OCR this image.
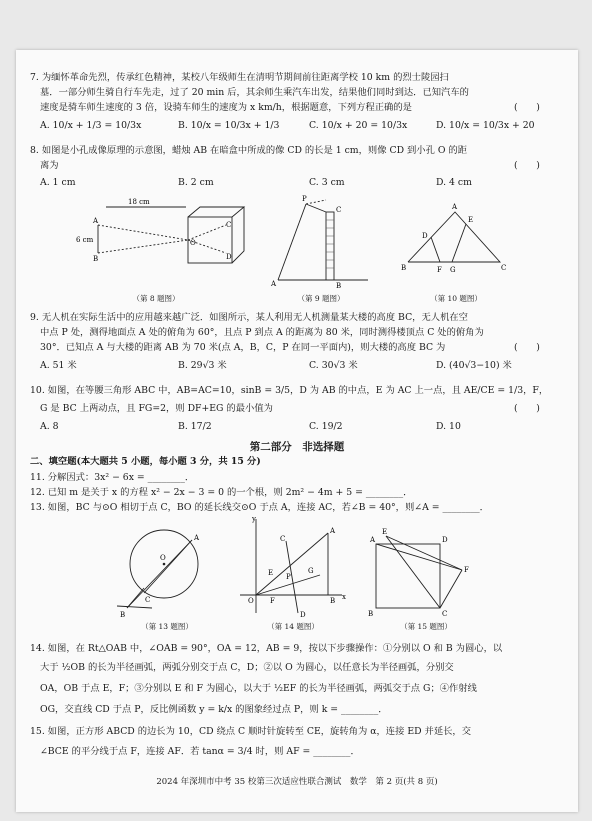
7. 为缅怀革命先烈，传承红色精神，某校八年级师生在清明节期间前往距离学校 10 km 的烈士陵园扫
墓．一部分师生骑自行车先走，过了 20 min 后，其余师生乘汽车出发，结果他们同时到达．已知汽车的
速度是骑车师生速度的 3 倍，设骑车师生的速度为 x km/h，根据题意，下列方程正确的是	(　　)
A. 10/x + 1/3 = 10/3x	B. 10/x = 10/3x + 1/3	C. 10/x + 20 = 10/3x	D. 10/x = 10/3x + 20
8. 如图是小孔成像原理的示意图，蜡烛 AB 在暗盒中所成的像 CD 的长是 1 cm，则像 CD 到小孔 O 的距
离为	(　　)
A. 1 cm	B. 2 cm	C. 3 cm	D. 4 cm
18 cm
6 cm
A
B
O
C
D
（第 8 题图）
P
C
A	B
（第 9 题图）
A
D
E
B	C
F G
（第 10 题图）
9. 无人机在实际生活中的应用越来越广泛．如图所示，某人利用无人机测量某大楼的高度 BC，无人机在空
中点 P 处，测得地面点 A 处的俯角为 60°，且点 P 到点 A 的距离为 80 米，同时测得楼顶点 C 处的俯角为
30°．已知点 A 与大楼的距离 AB 为 70 米(点 A，B，C，P 在同一平面内)，则大楼的高度 BC 为	(　　)
A. 51 米	B. 29√3 米	C. 30√3 米	D. (40√3−10) 米
10. 如图，在等腰三角形 ABC 中，AB=AC=10，sinB = 3/5，D 为 AB 的中点，E 为 AC 上一点，且 AE/CE = 1/3，F，
G 是 BC 上两动点，且 FG=2，则 DF+EG 的最小值为	(　　)
A. 8	B. 17/2	C. 19/2	D. 10
第二部分　非选择题
二、填空题(本大题共 5 小题，每小题 3 分，共 15 分)
11. 分解因式：3x² − 6x = ________．
12. 已知 m 是关于 x 的方程 x² − 2x − 3 = 0 的一个根，则 2m² − 4m + 5 = ________．
13. 如图，BC 与⊙O 相切于点 C，BO 的延长线交⊙O 于点 A，连接 AC，若∠B = 40°，则∠A = ________．
O
A
B
C
（第 13 题图）
y
x
O
A
B
C
D
P
G
F
E
（第 14 题图）
A
E
D
F
B	C
（第 15 题图）
14. 如图，在 Rt△OAB 中，∠OAB = 90°，OA = 12，AB = 9，按以下步骤操作：①分别以 O 和 B 为圆心，以
大于 ½OB 的长为半径画弧，两弧分别交于点 C，D；②以 O 为圆心，以任意长为半径画弧，分别交
OA，OB 于点 E，F；③分别以 E 和 F 为圆心，以大于 ½EF 的长为半径画弧，两弧交于点 G；④作射线
OG，交直线 CD 于点 P，反比例函数 y = k/x 的图象经过点 P，则 k = ________．
15. 如图，正方形 ABCD 的边长为 10，CD 绕点 C 顺时针旋转至 CE，旋转角为 α，连接 ED 并延长，交
∠BCE 的平分线于点 F，连接 AF．若 tanα = 3/4 时，则 AF = ________．
2024 年深圳市中考 35 校第三次适应性联合测试　数学　第 2 页(共 8 页)
